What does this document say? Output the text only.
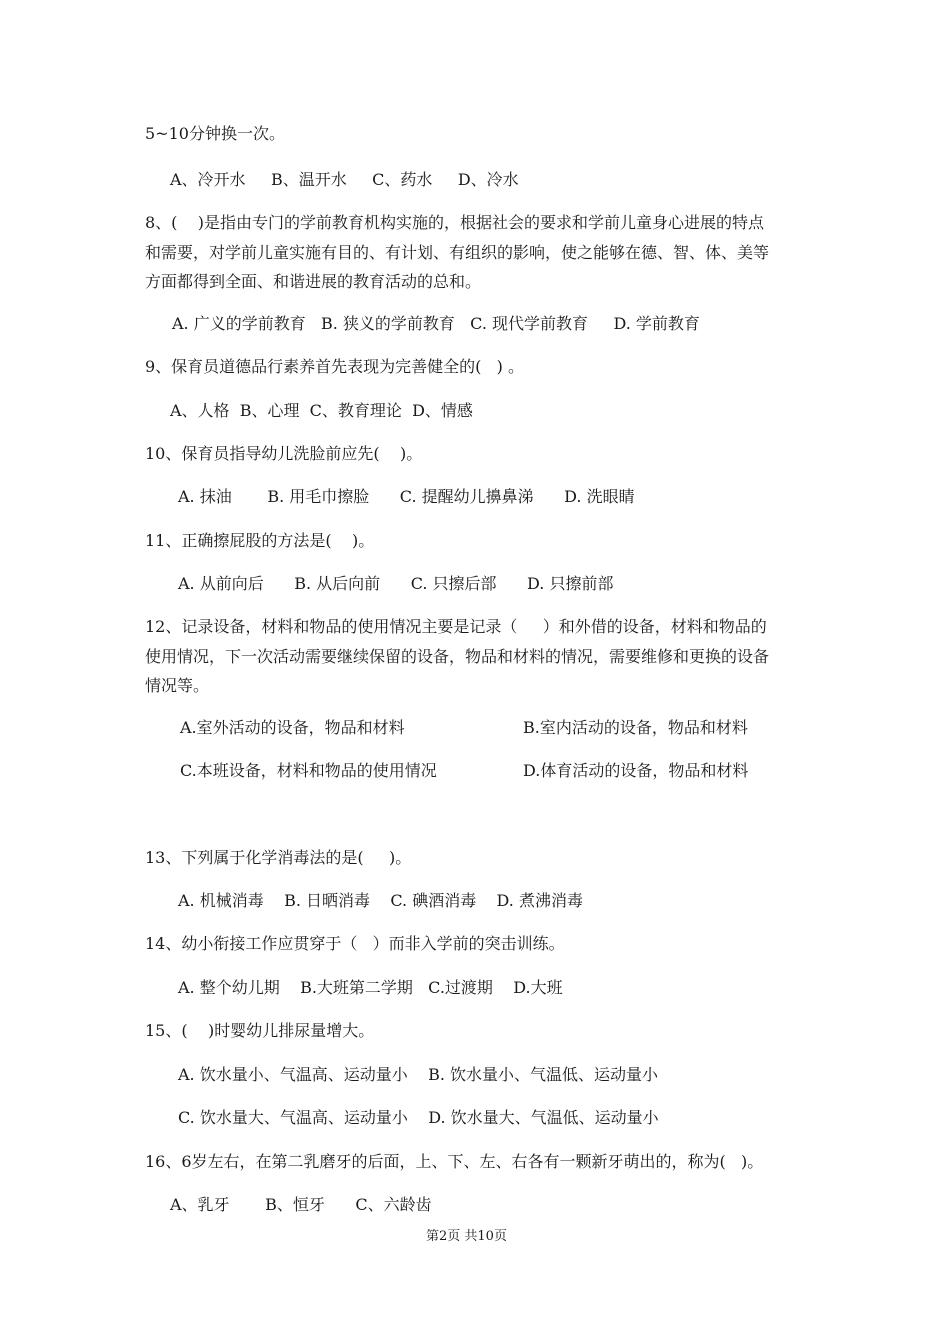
5~10分钟换一次。
A、冷开水     B、温开水     C、药水     D、冷水
8、(    )是指由专门的学前教育机构实施的，根据社会的要求和学前儿童身心进展的特点
和需要，对学前儿童实施有目的、有计划、有组织的影响，使之能够在德、智、体、美等
方面都得到全面、和谐进展的教育活动的总和。
A. 广义的学前教育   B. 狭义的学前教育   C. 现代学前教育     D. 学前教育
9、保育员道德品行素养首先表现为完善健全的(   ) 。
A、人格  B、心理  C、教育理论  D、情感
10、保育员指导幼儿洗脸前应先(    )。
A. 抹油       B. 用毛巾擦脸      C. 提醒幼儿擤鼻涕      D. 洗眼睛
11、正确擦屁股的方法是(    )。
A. 从前向后      B. 从后向前      C. 只擦后部      D. 只擦前部
12、记录设备，材料和物品的使用情况主要是记录（     ）和外借的设备，材料和物品的
使用情况，下一次活动需要继续保留的设备，物品和材料的情况，需要维修和更换的设备
情况等。
A.室外活动的设备，物品和材料	B.室内活动的设备，物品和材料
C.本班设备，材料和物品的使用情况	D.体育活动的设备，物品和材料
13、下列属于化学消毒法的是(     )。
A. 机械消毒    B. 日晒消毒    C. 碘酒消毒    D. 煮沸消毒
14、幼小衔接工作应贯穿于（   ）而非入学前的突击训练。
A. 整个幼儿期    B.大班第二学期   C.过渡期    D.大班
15、(    )时婴幼儿排尿量增大。
A. 饮水量小、气温高、运动量小    B. 饮水量小、气温低、运动量小
C. 饮水量大、气温高、运动量小    D. 饮水量大、气温低、运动量小
16、6岁左右，在第二乳磨牙的后面，上、下、左、右各有一颗新牙萌出的，称为(   )。
A、乳牙       B、恒牙      C、六龄齿
第2页 共10页
